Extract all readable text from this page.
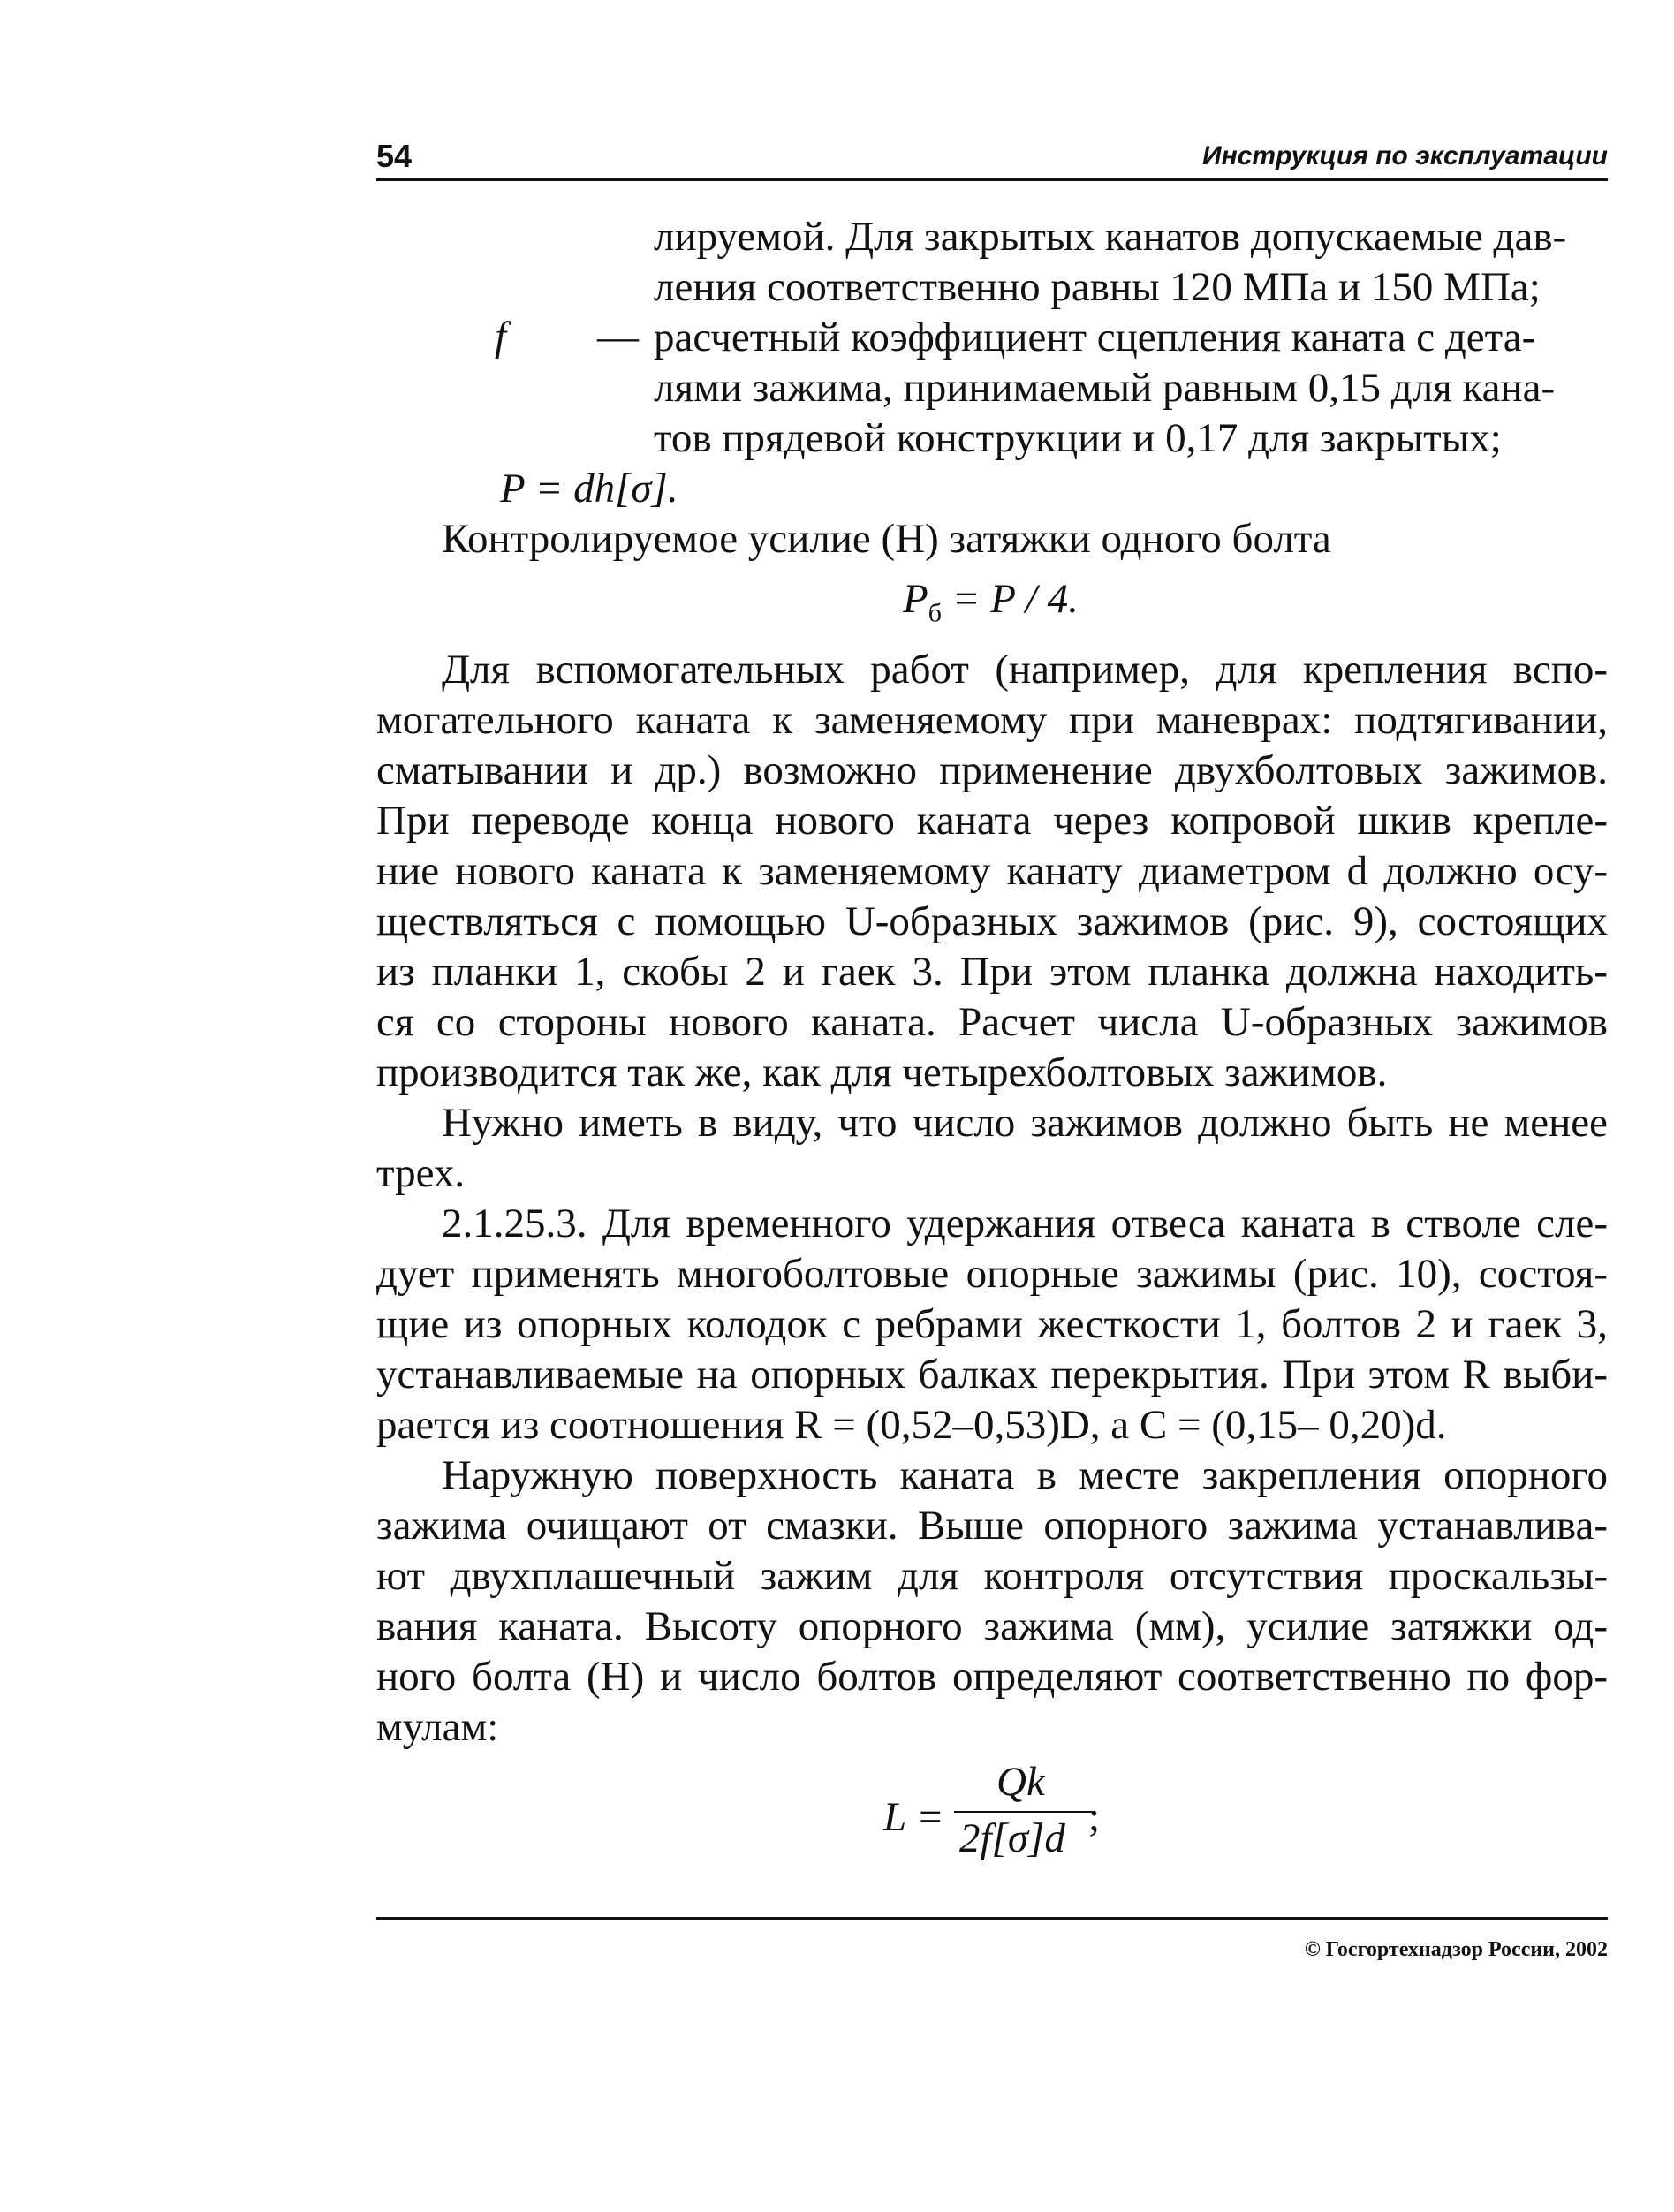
54	Инструкция по эксплуатации
лируемой. Для закрытых канатов допускаемые дав-
ления соответственно равны 120 МПа и 150 МПа;
f — расчетный коэффициент сцепления каната с дета-
лями зажима, принимаемый равным 0,15 для кана-
тов прядевой конструкции и 0,17 для закрытых;
P = dh[σ].
Контролируемое усилие (Н) затяжки одного болта
$P_б = P / 4$.
Для вспомогательных работ (например, для крепления вспо-
могательного каната к заменяемому при маневрах: подтягивании,
сматывании и др.) возможно применение двухболтовых зажимов.
При переводе конца нового каната через копровой шкив крепле-
ние нового каната к заменяемому канату диаметром d должно осу-
ществляться с помощью U-образных зажимов (рис. 9), состоящих
из планки 1, скобы 2 и гаек 3. При этом планка должна находить-
ся со стороны нового каната. Расчет числа U-образных зажимов
производится так же, как для четырехболтовых зажимов.
Нужно иметь в виду, что число зажимов должно быть не менее
трех.
2.1.25.3. Для временного удержания отвеса каната в стволе сле-
дует применять многоболтовые опорные зажимы (рис. 10), состоя-
щие из опорных колодок с ребрами жесткости 1, болтов 2 и гаек 3,
устанавливаемые на опорных балках перекрытия. При этом R выби-
рается из соотношения R = (0,52–0,53)D, а C = (0,15– 0,20)d.
Наружную поверхность каната в месте закрепления опорного
зажима очищают от смазки. Выше опорного зажима устанавлива-
ют двухплашечный зажим для контроля отсутствия проскальзы-
вания каната. Высоту опорного зажима (мм), усилие затяжки од-
ного болта (Н) и число болтов определяют соответственно по фор-
мулам:
L =
Qk
2f[σ]d ;
© Госгортехнадзор России, 2002
